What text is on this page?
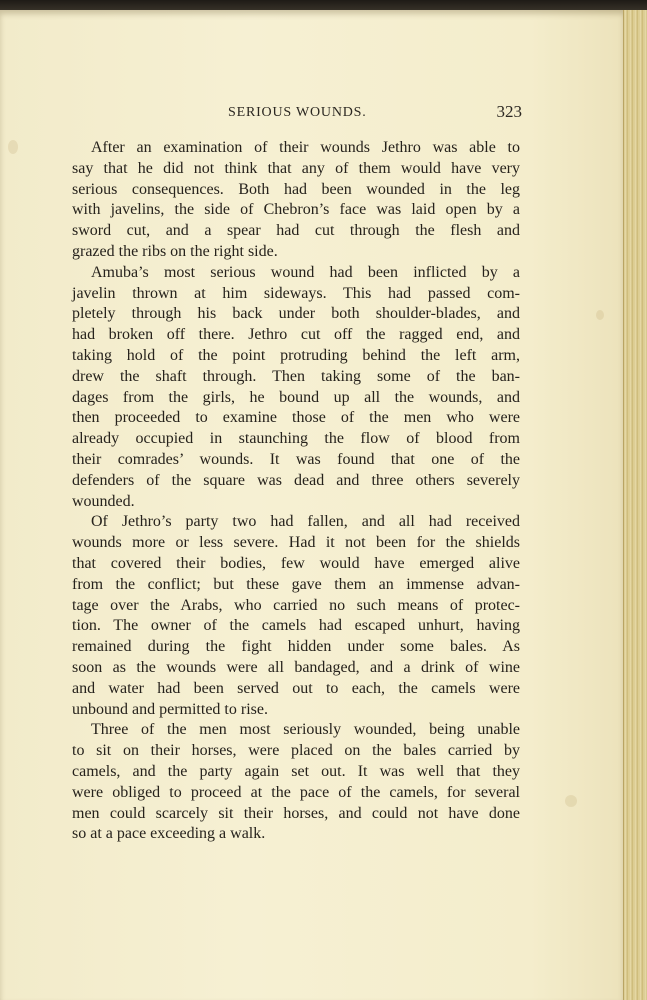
SERIOUS WOUNDS.	323
After an examination of their wounds Jethro was able to
say that he did not think that any of them would have very
serious consequences. Both had been wounded in the leg
with javelins, the side of Chebron’s face was laid open by a
sword cut, and a spear had cut through the flesh and
grazed the ribs on the right side.
Amuba’s most serious wound had been inflicted by a
javelin thrown at him sideways. This had passed com-
pletely through his back under both shoulder-blades, and
had broken off there. Jethro cut off the ragged end, and
taking hold of the point protruding behind the left arm,
drew the shaft through. Then taking some of the ban-
dages from the girls, he bound up all the wounds, and
then proceeded to examine those of the men who were
already occupied in staunching the flow of blood from
their comrades’ wounds. It was found that one of the
defenders of the square was dead and three others severely
wounded.
Of Jethro’s party two had fallen, and all had received
wounds more or less severe. Had it not been for the shields
that covered their bodies, few would have emerged alive
from the conflict; but these gave them an immense advan-
tage over the Arabs, who carried no such means of protec-
tion. The owner of the camels had escaped unhurt, having
remained during the fight hidden under some bales. As
soon as the wounds were all bandaged, and a drink of wine
and water had been served out to each, the camels were
unbound and permitted to rise.
Three of the men most seriously wounded, being unable
to sit on their horses, were placed on the bales carried by
camels, and the party again set out. It was well that they
were obliged to proceed at the pace of the camels, for several
men could scarcely sit their horses, and could not have done
so at a pace exceeding a walk.
